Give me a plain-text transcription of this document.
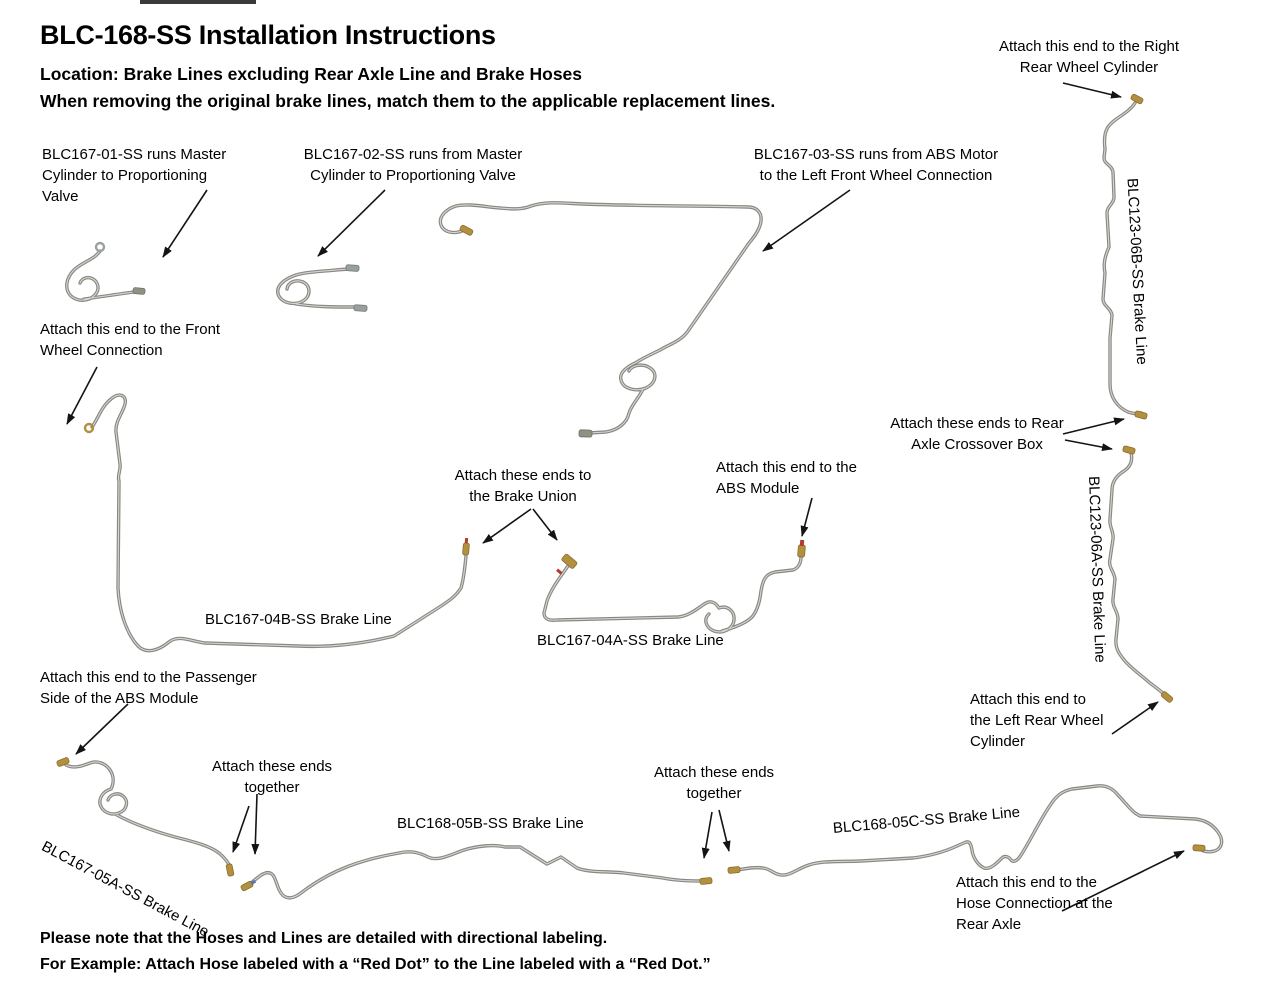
BLC-168-SS Installation Instructions
Location: Brake Lines excluding Rear Axle Line and Brake Hoses
When removing the original brake lines, match them to the applicable replacement lines.
Attach this end to the Right
Rear Wheel Cylinder
BLC167-01-SS runs Master
Cylinder to Proportioning
Valve
BLC167-02-SS runs from Master
Cylinder to Proportioning Valve
BLC167-03-SS runs from ABS Motor
to the Left Front Wheel Connection
Attach this end to the Front
Wheel Connection
Attach these ends to
the Brake Union
Attach this end to the
ABS Module
Attach these ends to Rear
Axle Crossover Box
Attach this end to
the Left Rear Wheel
Cylinder
Attach this end to the Passenger
Side of the ABS Module
Attach these ends
together
Attach these ends
together
Attach this end to the
Hose Connection at the
Rear Axle
BLC167-04B-SS Brake Line
BLC167-04A-SS Brake Line
BLC168-05B-SS Brake Line
BLC123-06B-SS Brake Line
BLC123-06A-SS Brake Line
BLC167-05A-SS Brake Line
BLC168-05C-SS Brake Line
Please note that the Hoses and Lines are detailed with directional labeling.
For Example: Attach Hose labeled with a “Red Dot” to the Line labeled with a “Red Dot.”
